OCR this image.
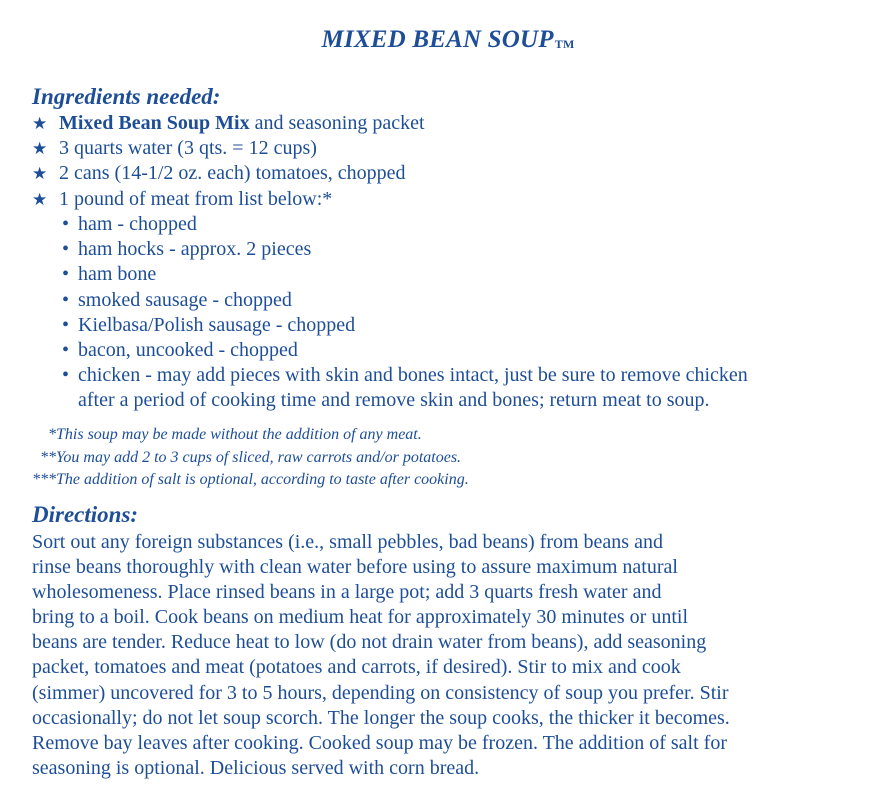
MIXED BEAN SOUPTM
Ingredients needed:
★ Mixed Bean Soup Mix and seasoning packet
★ 3 quarts water (3 qts. = 12 cups)
★ 2 cans (14-1/2 oz. each) tomatoes, chopped
★ 1 pound of meat from list below:*
• ham - chopped
• ham hocks - approx. 2 pieces
• ham bone
• smoked sausage - chopped
• Kielbasa/Polish sausage - chopped
• bacon, uncooked - chopped
• chicken - may add pieces with skin and bones intact, just be sure to remove chicken
after a period of cooking time and remove skin and bones; return meat to soup.
*This soup may be made without the addition of any meat.
**You may add 2 to 3 cups of sliced, raw carrots and/or potatoes.
***The addition of salt is optional, according to taste after cooking.
Directions:
Sort out any foreign substances (i.e., small pebbles, bad beans) from beans and
rinse beans thoroughly with clean water before using to assure maximum natural
wholesomeness. Place rinsed beans in a large pot; add 3 quarts fresh water and
bring to a boil. Cook beans on medium heat for approximately 30 minutes or until
beans are tender. Reduce heat to low (do not drain water from beans), add seasoning
packet, tomatoes and meat (potatoes and carrots, if desired). Stir to mix and cook
(simmer) uncovered for 3 to 5 hours, depending on consistency of soup you prefer. Stir
occasionally; do not let soup scorch. The longer the soup cooks, the thicker it becomes.
Remove bay leaves after cooking. Cooked soup may be frozen. The addition of salt for
seasoning is optional. Delicious served with corn bread.
